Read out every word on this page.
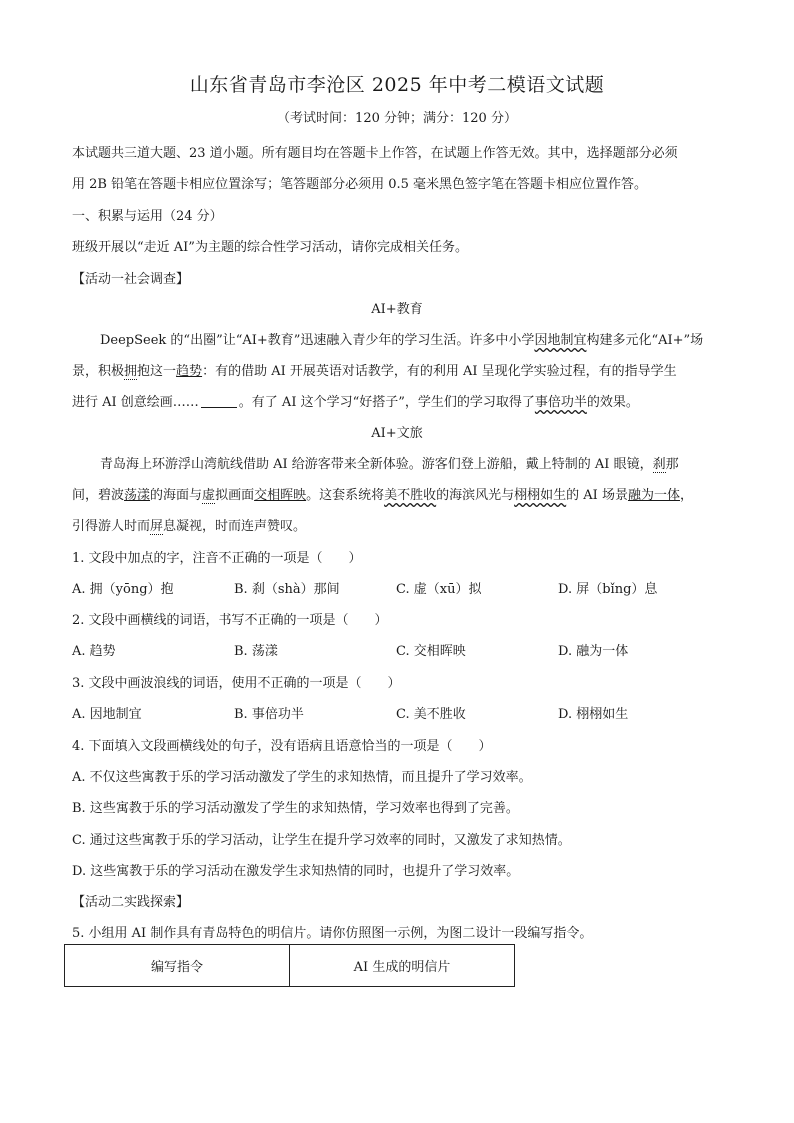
山东省青岛市李沧区 2025 年中考二模语文试题
（考试时间：120 分钟；满分：120 分）
本试题共三道大题、23 道小题。所有题目均在答题卡上作答，在试题上作答无效。其中，选择题部分必须
用 2B 铅笔在答题卡相应位置涂写；笔答题部分必须用 0.5 毫米黑色签字笔在答题卡相应位置作答。
一、积累与运用（24 分）
班级开展以“走近 AI”为主题的综合性学习活动，请你完成相关任务。
【活动一社会调查】
AI+教育
DeepSeek 的“出圈”让“AI+教育”迅速融入青少年的学习生活。许多中小学因地制宜构建多元化“AI+”场
景，积极拥抱这一趋势：有的借助 AI 开展英语对话教学，有的利用 AI 呈现化学实验过程，有的指导学生
进行 AI 创意绘画……	。有了 AI 这个学习“好搭子”，学生们的学习取得了事倍功半的效果。
AI+文旅
青岛海上环游浮山湾航线借助 AI 给游客带来全新体验。游客们登上游船，戴上特制的 AI 眼镜，刹那
间，碧波荡漾的海面与虚拟画面交相晖映。这套系统将美不胜收的海滨风光与栩栩如生的 AI 场景融为一体，
引得游人时而屏息凝视，时而连声赞叹。
1. 文段中加点的字，注音不正确的一项是（　　）
A. 拥（yōng）抱	B. 刹（shà）那间	C. 虚（xū）拟	D. 屏（bǐng）息
2. 文段中画横线的词语，书写不正确的一项是（　　）
A. 趋势	B. 荡漾	C. 交相晖映	D. 融为一体
3. 文段中画波浪线的词语，使用不正确的一项是（　　）
A. 因地制宜	B. 事倍功半	C. 美不胜收	D. 栩栩如生
4. 下面填入文段画横线处的句子，没有语病且语意恰当的一项是（　　）
A. 不仅这些寓教于乐的学习活动激发了学生的求知热情，而且提升了学习效率。
B. 这些寓教于乐的学习活动激发了学生的求知热情，学习效率也得到了完善。
C. 通过这些寓教于乐的学习活动，让学生在提升学习效率的同时，又激发了求知热情。
D. 这些寓教于乐的学习活动在激发学生求知热情的同时，也提升了学习效率。
【活动二实践探索】
5. 小组用 AI 制作具有青岛特色的明信片。请你仿照图一示例，为图二设计一段编写指令。
编写指令	AI 生成的明信片
